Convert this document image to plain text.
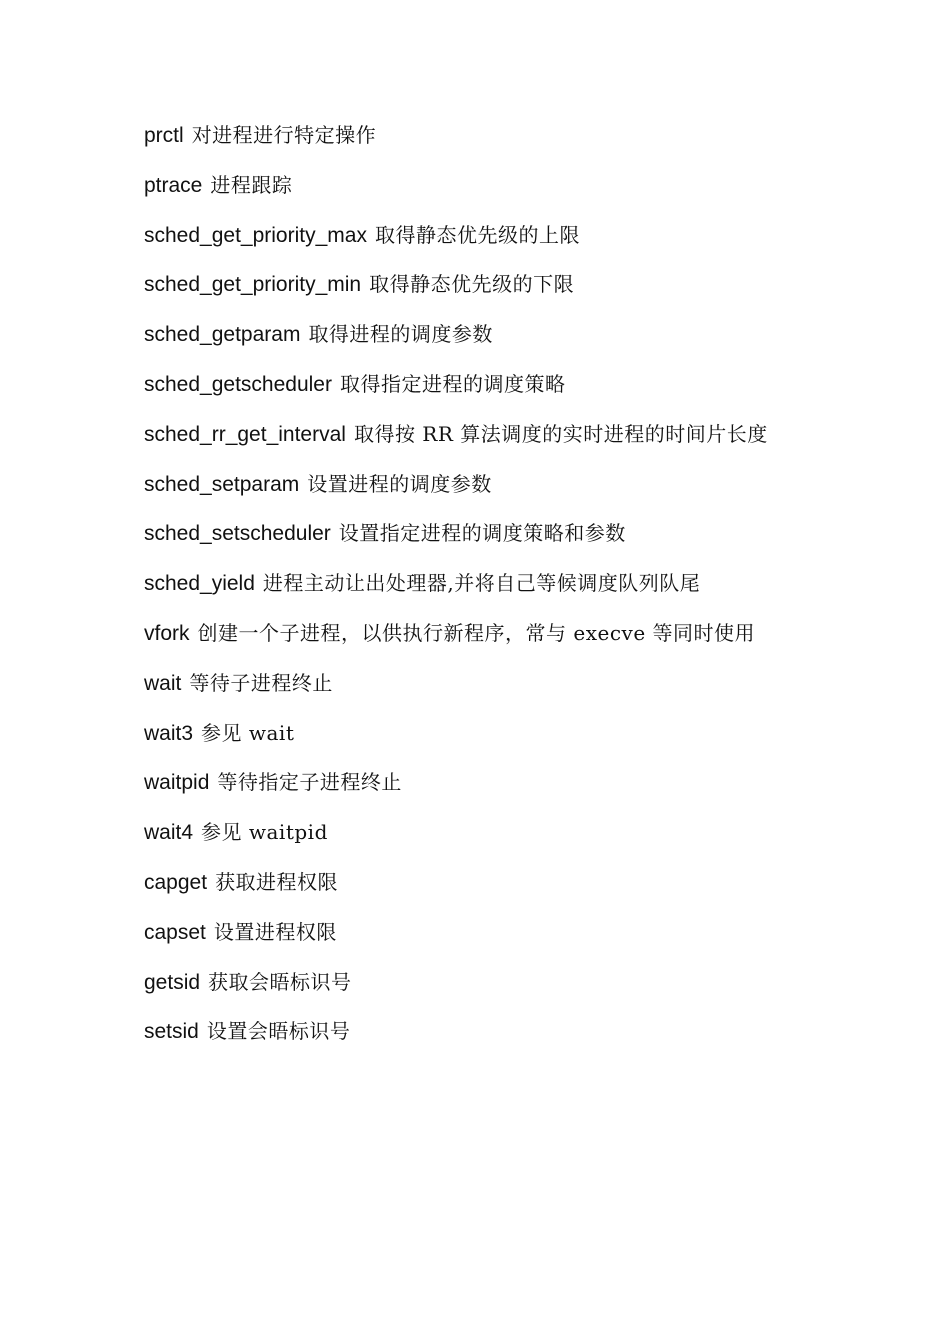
prctl 对进程进行特定操作
ptrace 进程跟踪
sched_get_priority_max 取得静态优先级的上限
sched_get_priority_min 取得静态优先级的下限
sched_getparam 取得进程的调度参数
sched_getscheduler 取得指定进程的调度策略
sched_rr_get_interval 取得按 RR 算法调度的实时进程的时间片长度
sched_setparam 设置进程的调度参数
sched_setscheduler 设置指定进程的调度策略和参数
sched_yield 进程主动让出处理器,并将自己等候调度队列队尾
vfork 创建一个子进程，以供执行新程序，常与 execve 等同时使用
wait 等待子进程终止
wait3 参见 wait
waitpid 等待指定子进程终止
wait4 参见 waitpid
capget 获取进程权限
capset 设置进程权限
getsid 获取会晤标识号
setsid 设置会晤标识号
